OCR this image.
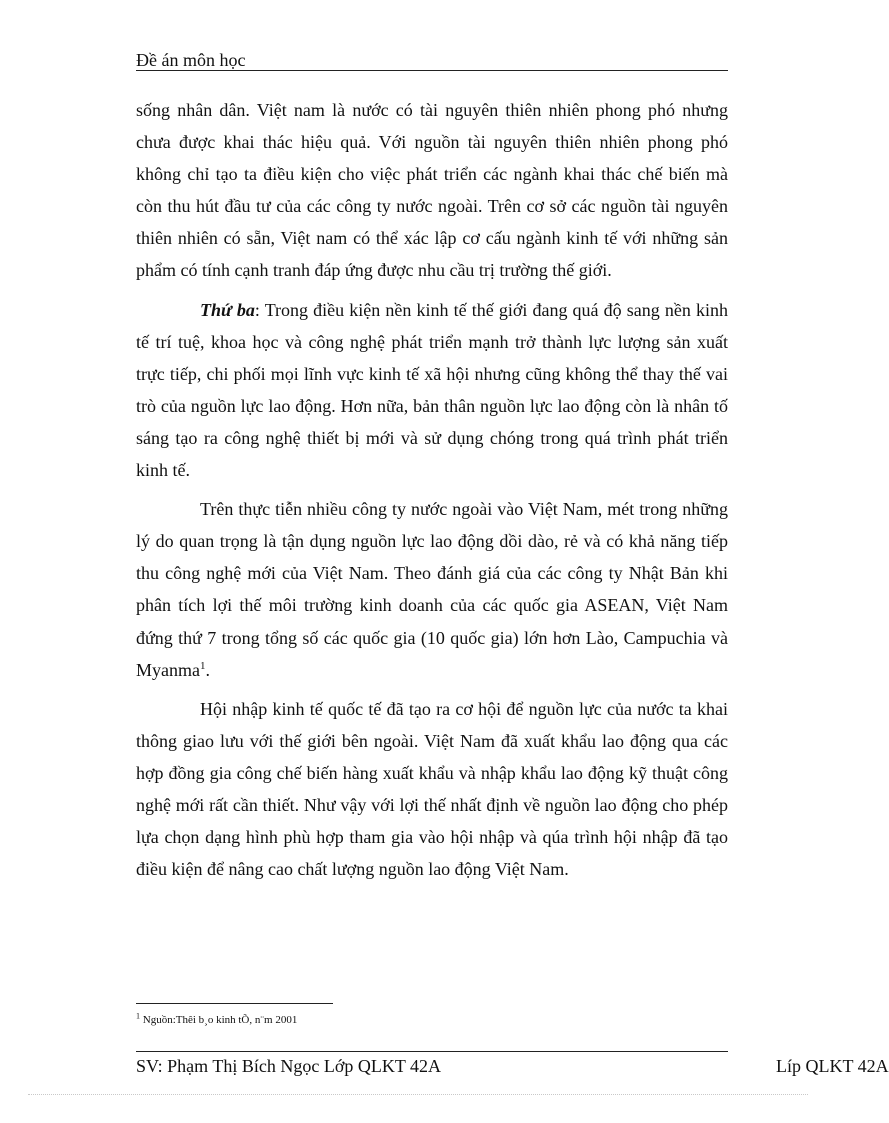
Đề án môn học

sống nhân dân. Việt nam là nước có tài nguyên thiên nhiên phong phó nhưng chưa được khai thác hiệu quả. Với nguồn tài nguyên thiên nhiên phong phó không chỉ tạo ta điều kiện cho việc phát triển các ngành khai thác chế biến mà còn thu hút đầu tư của các công ty nước ngoài. Trên cơ sở các nguồn tài nguyên thiên nhiên có sẵn, Việt nam có thể xác lập cơ cấu ngành kinh tế với những sản phẩm có tính cạnh tranh đáp ứng được nhu cầu trị trường thế giới.

Thứ ba: Trong điều kiện nền kinh tế thế giới đang quá độ sang nền kinh tế trí tuệ, khoa học và công nghệ phát triển mạnh trở thành lực lượng sản xuất trực tiếp, chi phối mọi lĩnh vực kinh tế xã hội nhưng cũng không thể thay thế vai trò của nguồn lực lao động. Hơn nữa, bản thân nguồn lực lao động còn là nhân tố sáng tạo ra công nghệ thiết bị mới và sử dụng chóng trong quá trình phát triển kinh tế.

Trên thực tiễn nhiều công ty nước ngoài vào Việt Nam, mét trong những lý do quan trọng là tận dụng nguồn lực lao động dồi dào, rẻ và có khả năng tiếp thu công nghệ mới của Việt Nam. Theo đánh giá của các công ty Nhật Bản khi phân tích lợi thế môi trường kinh doanh của các quốc gia ASEAN, Việt Nam đứng thứ 7 trong tổng số các quốc gia (10 quốc gia) lớn hơn Lào, Campuchia và Myanma$^1$.

Hội nhập kinh tế quốc tế đã tạo ra cơ hội để nguồn lực của nước ta khai thông giao lưu với thế giới bên ngoài. Việt Nam đã xuất khẩu lao động qua các hợp đồng gia công chế biến hàng xuất khẩu và nhập khẩu lao động kỹ thuật công nghệ mới rất cần thiết. Như vậy với lợi thế nhất định về nguồn lao động cho phép lựa chọn dạng hình phù hợp tham gia vào hội nhập và qúa trình hội nhập đã tạo điều kiện để nâng cao chất lượng nguồn lao động Việt Nam.

$^1$ Nguồn:Thêi b¸o kinh tÕ, n¨m 2001
SV: Phạm Thị Bích Ngọc Lớp QLKT 42A	Líp QLKT 42A
